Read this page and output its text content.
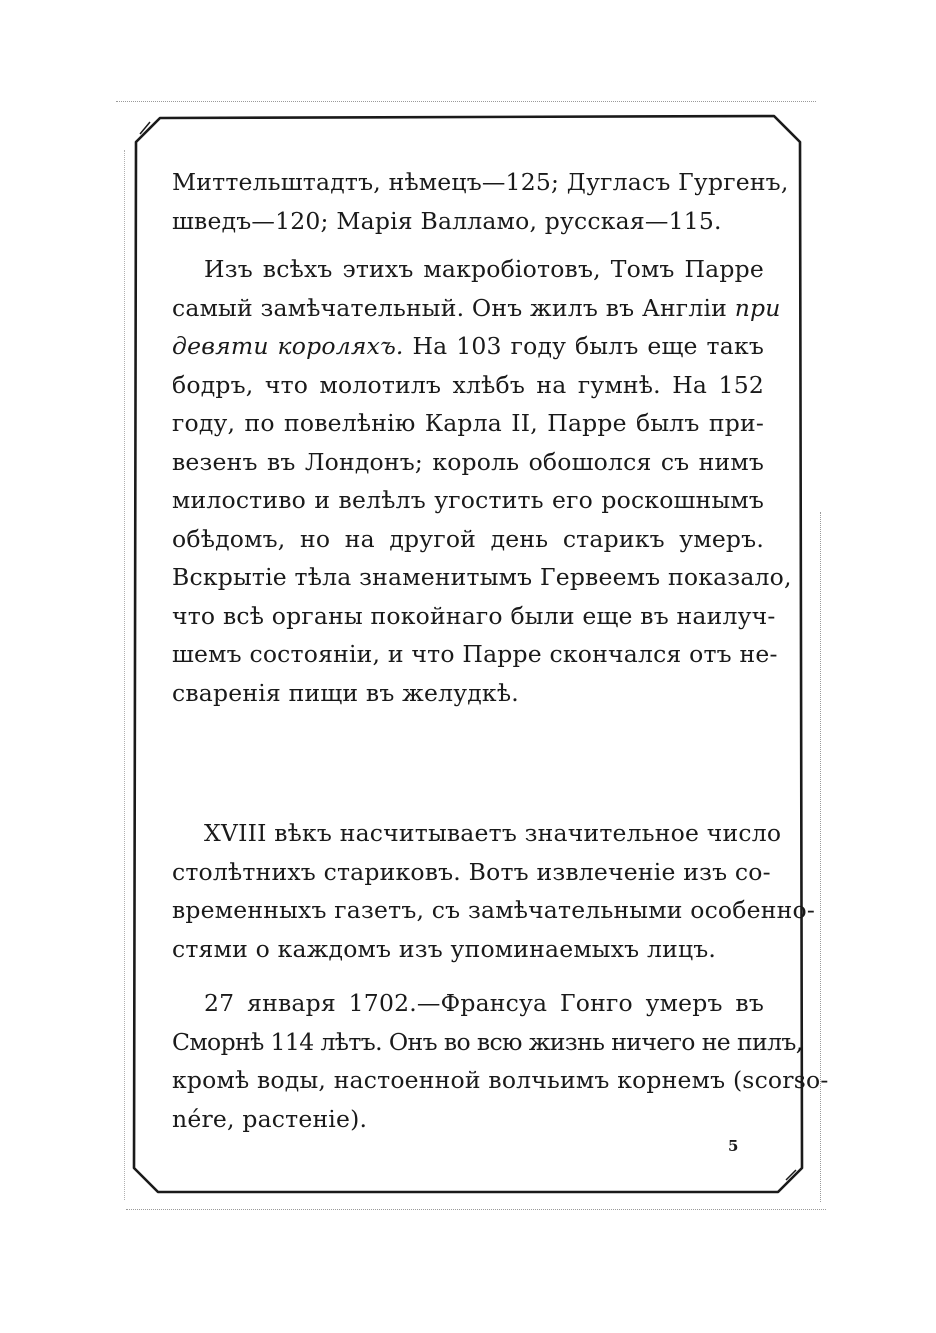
Миттельштадтъ, нѣмецъ—125; Дугласъ Гургенъ,
шведъ—120; Марія Валламо, русская—115.
Изъ всѣхъ этихъ макробіотовъ, Томъ Парре
самый замѣчательный. Онъ жилъ въ Англіи при
девяти короляхъ. На 103 году былъ еще такъ
бодръ, что молотилъ хлѣбъ на гумнѣ. На 152
году, по повелѣнію Карла II, Парре былъ при-
везенъ въ Лондонъ; король обошолся съ нимъ
милостиво и велѣлъ угостить его роскошнымъ
обѣдомъ, но на другой день старикъ умеръ.
Вскрытіе тѣла знаменитымъ Гервеемъ показало,
что всѣ органы покойнаго были еще въ наилуч-
шемъ состояніи, и что Парре скончался отъ не-
сваренія пищи въ желудкѣ.
XVIII вѣкъ насчитываетъ значительное число
столѣтнихъ стариковъ. Вотъ извлеченіе изъ со-
временныхъ газетъ, съ замѣчательными особенно-
стями о каждомъ изъ упоминаемыхъ лицъ.
27 января 1702.—Франсуа Гонго умеръ въ
Сморнѣ 114 лѣтъ. Онъ во всю жизнь ничего не пилъ,
кромѣ воды, настоенной волчьимъ корнемъ (scorso-
nére, растеніе).
5
